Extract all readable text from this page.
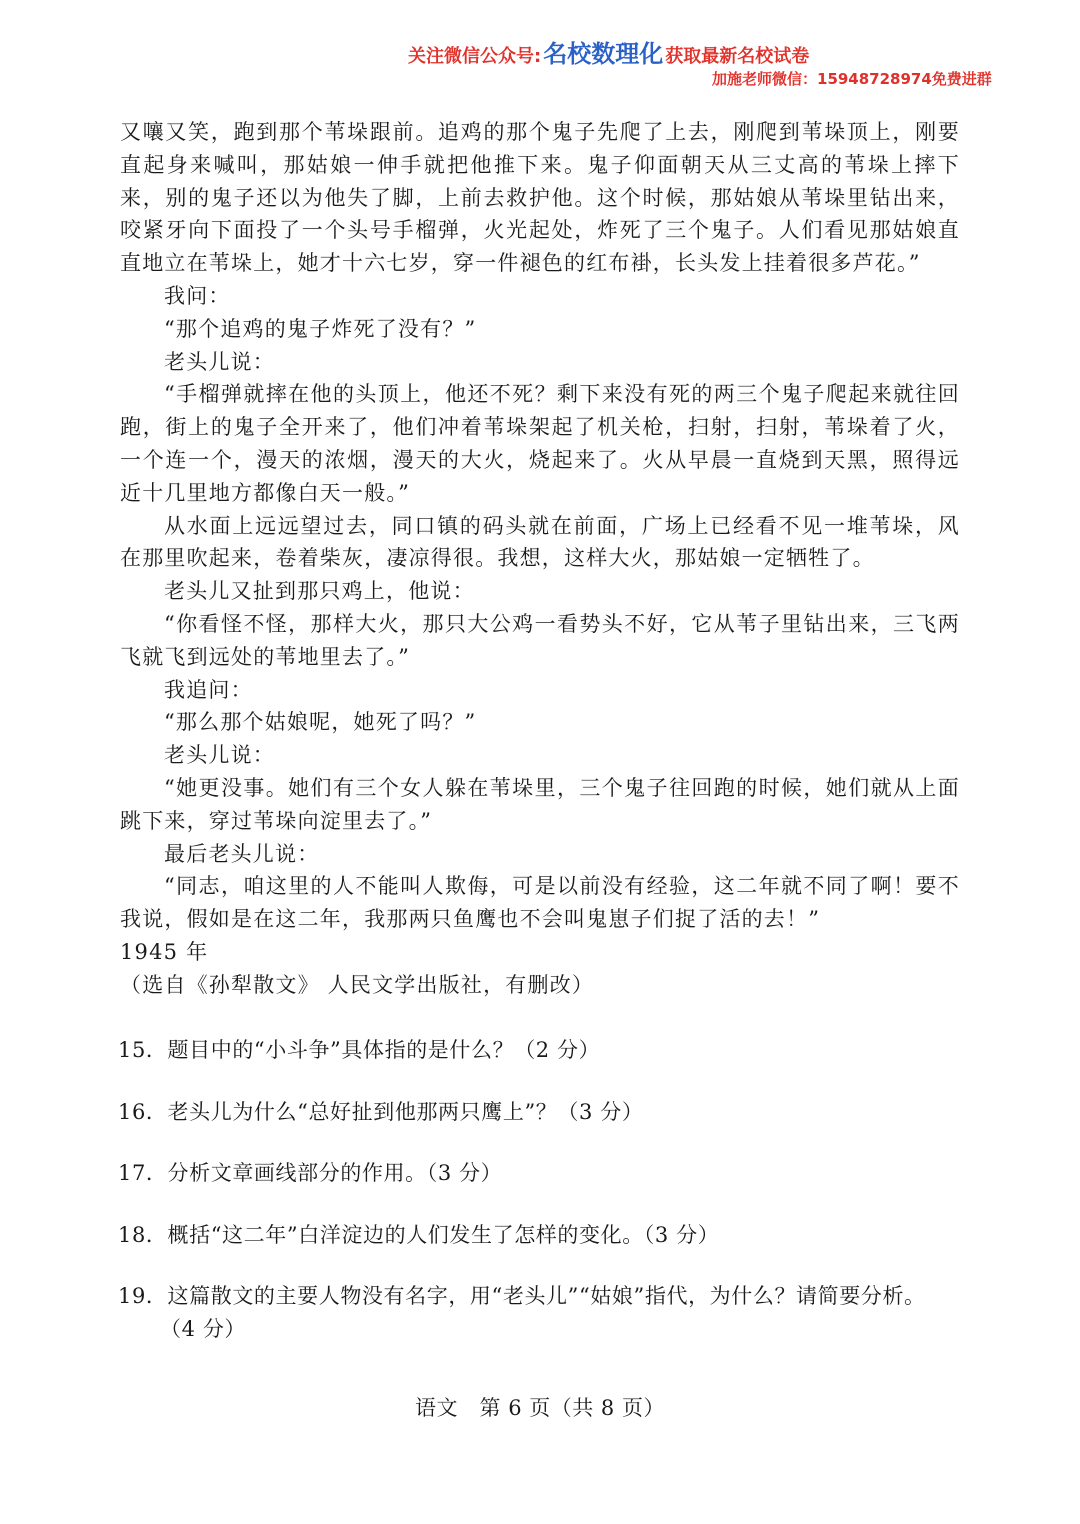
关注微信公众号:名校数理化 获取最新名校试卷
加施老师微信：15948728974免费进群

又嚷又笑，跑到那个苇垛跟前。追鸡的那个鬼子先爬了上去，刚爬到苇垛顶上，刚要直起身来喊叫，那姑娘一伸手就把他推下来。鬼子仰面朝天从三丈高的苇垛上摔下来，别的鬼子还以为他失了脚，上前去救护他。这个时候，那姑娘从苇垛里钻出来，咬紧牙向下面投了一个头号手榴弹，火光起处，炸死了三个鬼子。人们看见那姑娘直直地立在苇垛上，她才十六七岁，穿一件褪色的红布褂，长头发上挂着很多芦花。”

我问：

“那个追鸡的鬼子炸死了没有？”

老头儿说：

“手榴弹就摔在他的头顶上，他还不死？剩下来没有死的两三个鬼子爬起来就往回跑，街上的鬼子全开来了，他们冲着苇垛架起了机关枪，扫射，扫射，苇垛着了火，一个连一个，漫天的浓烟，漫天的大火，烧起来了。火从早晨一直烧到天黑，照得远近十几里地方都像白天一般。”

从水面上远远望过去，同口镇的码头就在前面，广场上已经看不见一堆苇垛，风在那里吹起来，卷着柴灰，凄凉得很。我想，这样大火，那姑娘一定牺牲了。

老头儿又扯到那只鸡上，他说：

“你看怪不怪，那样大火，那只大公鸡一看势头不好，它从苇子里钻出来，三飞两飞就飞到远处的苇地里去了。”

我追问：

“那么那个姑娘呢，她死了吗？”

老头儿说：

“她更没事。她们有三个女人躲在苇垛里，三个鬼子往回跑的时候，她们就从上面跳下来，穿过苇垛向淀里去了。”

最后老头儿说：

“同志，咱这里的人不能叫人欺侮，可是以前没有经验，这二年就不同了啊！要不我说，假如是在这二年，我那两只鱼鹰也不会叫鬼崽子们捉了活的去！”

1945 年

（选自《孙犁散文》 人民文学出版社，有删改）

15．题目中的“小斗争”具体指的是什么？（2 分）
16．老头儿为什么“总好扯到他那两只鹰上”？（3 分）
17．分析文章画线部分的作用。（3 分）
18．概括“这二年”白洋淀边的人们发生了怎样的变化。（3 分）
19．这篇散文的主要人物没有名字，用“老头儿”“姑娘”指代，为什么？请简要分析。
（4 分）
语文　第 6 页（共 8 页）
